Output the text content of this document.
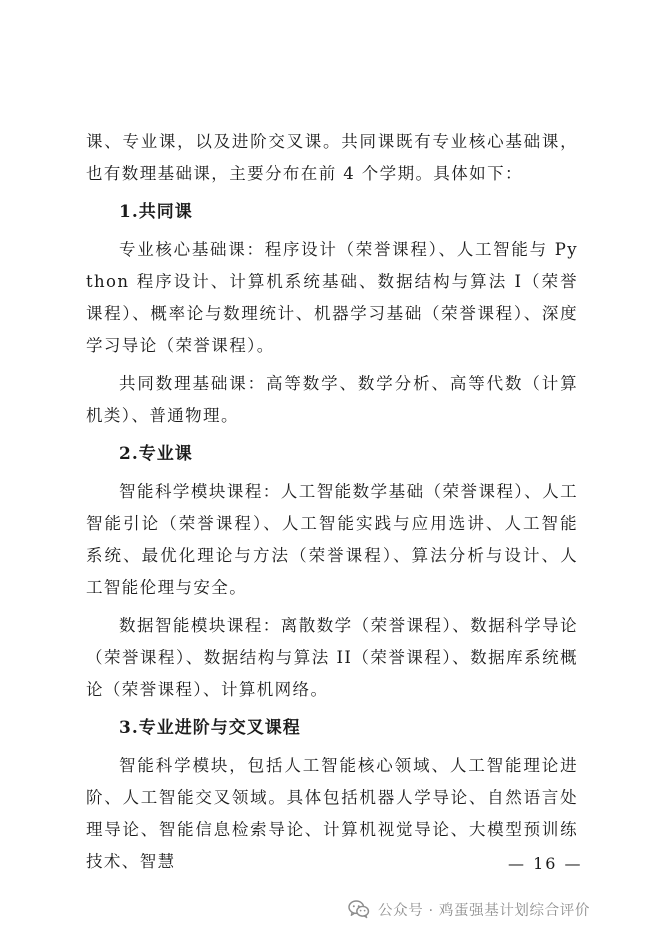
课、专业课，以及进阶交叉课。共同课既有专业核心基础课，也有数理基础课，主要分布在前 4 个学期。具体如下：

1.共同课

专业核心基础课：程序设计（荣誉课程）、人工智能与 Python 程序设计、计算机系统基础、数据结构与算法 I（荣誉课程）、概率论与数理统计、机器学习基础（荣誉课程）、深度学习导论（荣誉课程）。

共同数理基础课：高等数学、数学分析、高等代数（计算机类）、普通物理。

2.专业课

智能科学模块课程：人工智能数学基础（荣誉课程）、人工智能引论（荣誉课程）、人工智能实践与应用选讲、人工智能系统、最优化理论与方法（荣誉课程）、算法分析与设计、人工智能伦理与安全。

数据智能模块课程：离散数学（荣誉课程）、数据科学导论（荣誉课程）、数据结构与算法 II（荣誉课程）、数据库系统概论（荣誉课程）、计算机网络。

3.专业进阶与交叉课程

智能科学模块，包括人工智能核心领域、人工智能理论进阶、人工智能交叉领域。具体包括机器人学导论、自然语言处理导论、智能信息检索导论、计算机视觉导论、大模型预训练技术、智慧	— 16 —
公众号 · 鸡蛋强基计划综合评价
